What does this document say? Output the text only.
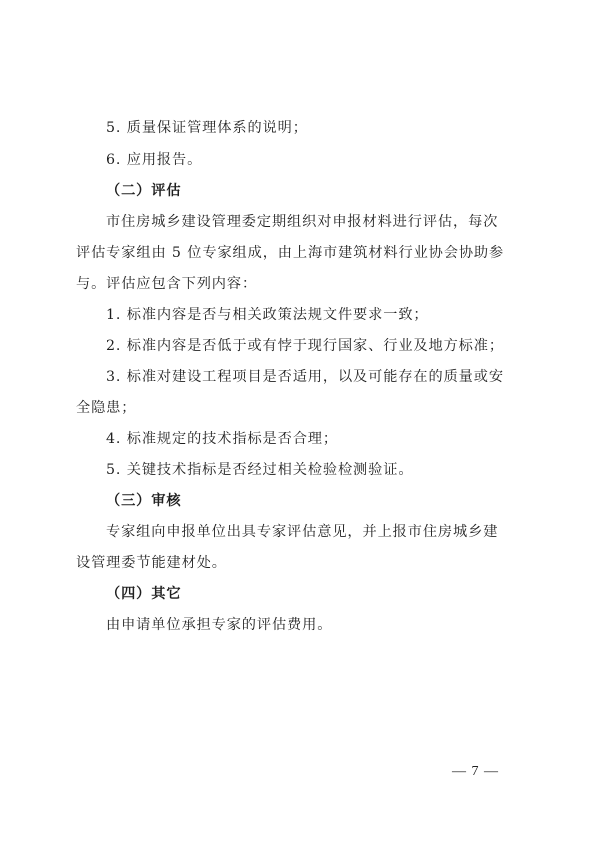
5. 质量保证管理体系的说明；
6. 应用报告。
（二）评估
市住房城乡建设管理委定期组织对申报材料进行评估，每次
评估专家组由 5 位专家组成，由上海市建筑材料行业协会协助参
与。评估应包含下列内容：
1. 标准内容是否与相关政策法规文件要求一致；
2. 标准内容是否低于或有悖于现行国家、行业及地方标准；
3. 标准对建设工程项目是否适用，以及可能存在的质量或安
全隐患；
4. 标准规定的技术指标是否合理；
5. 关键技术指标是否经过相关检验检测验证。
（三）审核
专家组向申报单位出具专家评估意见，并上报市住房城乡建
设管理委节能建材处。
（四）其它
由申请单位承担专家的评估费用。
— 7 —
